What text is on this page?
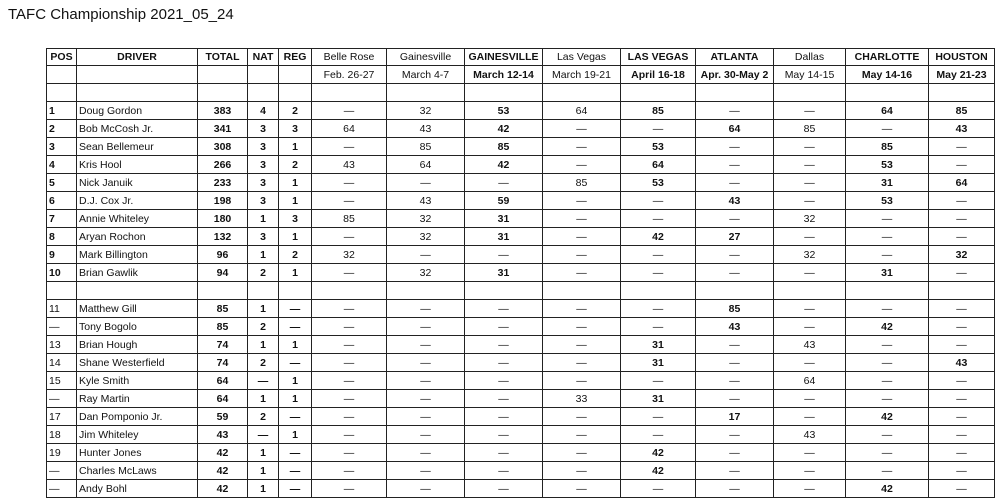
TAFC Championship 2021_05_24
POS	DRIVER	TOTAL	NAT	REG	Belle Rose	Gainesville	GAINESVILLE	Las Vegas	LAS VEGAS	ATLANTA	Dallas	CHARLOTTE	HOUSTON
					Feb. 26-27	March 4-7	March 12-14	March 19-21	April 16-18	Apr. 30-May 2	May 14-15	May 14-16	May 21-23

1	Doug Gordon	383	4	2	—	32	53	64	85	—	—	64	85
2	Bob McCosh Jr.	341	3	3	64	43	42	—	—	64	85	—	43
3	Sean Bellemeur	308	3	1	—	85	85	—	53	—	—	85	—
4	Kris Hool	266	3	2	43	64	42	—	64	—	—	53	—
5	Nick Januik	233	3	1	—	—	—	85	53	—	—	31	64
6	D.J. Cox Jr.	198	3	1	—	43	59	—	—	43	—	53	—
7	Annie Whiteley	180	1	3	85	32	31	—	—	—	32	—	—
8	Aryan Rochon	132	3	1	—	32	31	—	42	27	—	—	—
9	Mark Billington	96	1	2	32	—	—	—	—	—	32	—	32
10	Brian Gawlik	94	2	1	—	32	31	—	—	—	—	31	—

11	Matthew Gill	85	1	—	—	—	—	—	—	85	—	—	—
—	Tony Bogolo	85	2	—	—	—	—	—	—	43	—	42	—
13	Brian Hough	74	1	1	—	—	—	—	31	—	43	—	—
14	Shane Westerfield	74	2	—	—	—	—	—	31	—	—	—	43
15	Kyle Smith	64	—	1	—	—	—	—	—	—	64	—	—
—	Ray Martin	64	1	1	—	—	—	33	31	—	—	—	—
17	Dan Pomponio Jr.	59	2	—	—	—	—	—	—	17	—	42	—
18	Jim Whiteley	43	—	1	—	—	—	—	—	—	43	—	—
19	Hunter Jones	42	1	—	—	—	—	—	42	—	—	—	—
—	Charles McLaws	42	1	—	—	—	—	—	42	—	—	—	—
—	Andy Bohl	42	1	—	—	—	—	—	—	—	—	42	—
